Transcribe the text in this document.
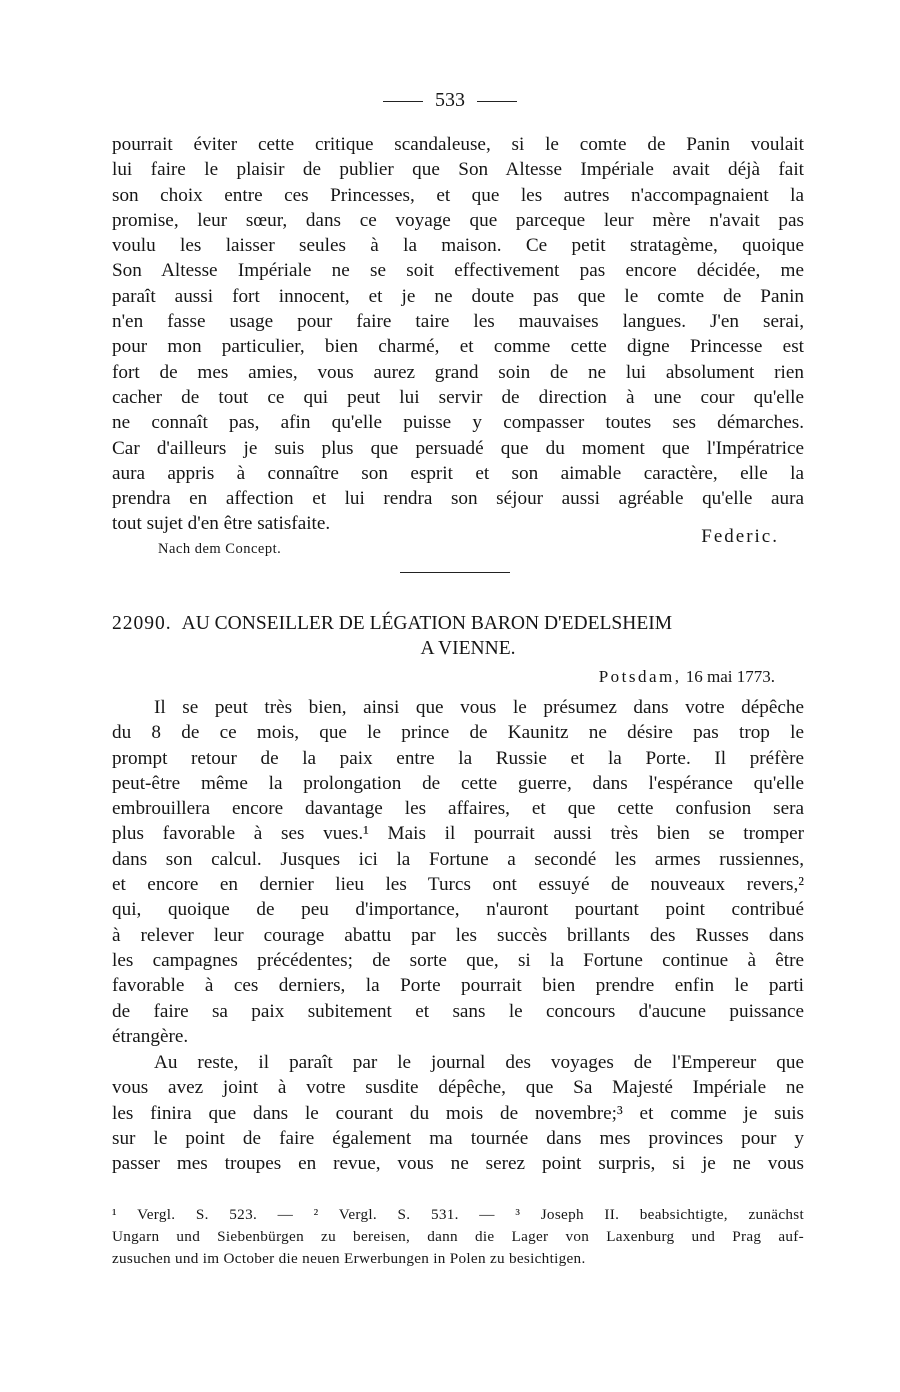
533
pourrait éviter cette critique scandaleuse, si le comte de Panin voulait
lui faire le plaisir de publier que Son Altesse Impériale avait déjà fait
son choix entre ces Princesses, et que les autres n'accompagnaient la
promise, leur sœur, dans ce voyage que parceque leur mère n'avait pas
voulu les laisser seules à la maison. Ce petit stratagème, quoique
Son Altesse Impériale ne se soit effectivement pas encore décidée, me
paraît aussi fort innocent, et je ne doute pas que le comte de Panin
n'en fasse usage pour faire taire les mauvaises langues. J'en serai,
pour mon particulier, bien charmé, et comme cette digne Princesse est
fort de mes amies, vous aurez grand soin de ne lui absolument rien
cacher de tout ce qui peut lui servir de direction à une cour qu'elle
ne connaît pas, afin qu'elle puisse y compasser toutes ses démarches.
Car d'ailleurs je suis plus que persuadé que du moment que l'Impératrice
aura appris à connaître son esprit et son aimable caractère, elle la
prendra en affection et lui rendra son séjour aussi agréable qu'elle aura
tout sujet d'en être satisfaite.
Federic.
Nach dem Concept.
22090. AU CONSEILLER DE LÉGATION BARON D'EDELSHEIM
A VIENNE.
Potsdam, 16 mai 1773.
Il se peut très bien, ainsi que vous le présumez dans votre dépêche
du 8 de ce mois, que le prince de Kaunitz ne désire pas trop le
prompt retour de la paix entre la Russie et la Porte. Il préfère
peut-être même la prolongation de cette guerre, dans l'espérance qu'elle
embrouillera encore davantage les affaires, et que cette confusion sera
plus favorable à ses vues.¹ Mais il pourrait aussi très bien se tromper
dans son calcul. Jusques ici la Fortune a secondé les armes russiennes,
et encore en dernier lieu les Turcs ont essuyé de nouveaux revers,²
qui, quoique de peu d'importance, n'auront pourtant point contribué
à relever leur courage abattu par les succès brillants des Russes dans
les campagnes précédentes; de sorte que, si la Fortune continue à être
favorable à ces derniers, la Porte pourrait bien prendre enfin le parti
de faire sa paix subitement et sans le concours d'aucune puissance
étrangère.
Au reste, il paraît par le journal des voyages de l'Empereur que
vous avez joint à votre susdite dépêche, que Sa Majesté Impériale ne
les finira que dans le courant du mois de novembre;³ et comme je suis
sur le point de faire également ma tournée dans mes provinces pour y
passer mes troupes en revue, vous ne serez point surpris, si je ne vous
¹ Vergl. S. 523. — ² Vergl. S. 531. — ³ Joseph II. beabsichtigte, zunächst
Ungarn und Siebenbürgen zu bereisen, dann die Lager von Laxenburg und Prag auf-
zusuchen und im October die neuen Erwerbungen in Polen zu besichtigen.
